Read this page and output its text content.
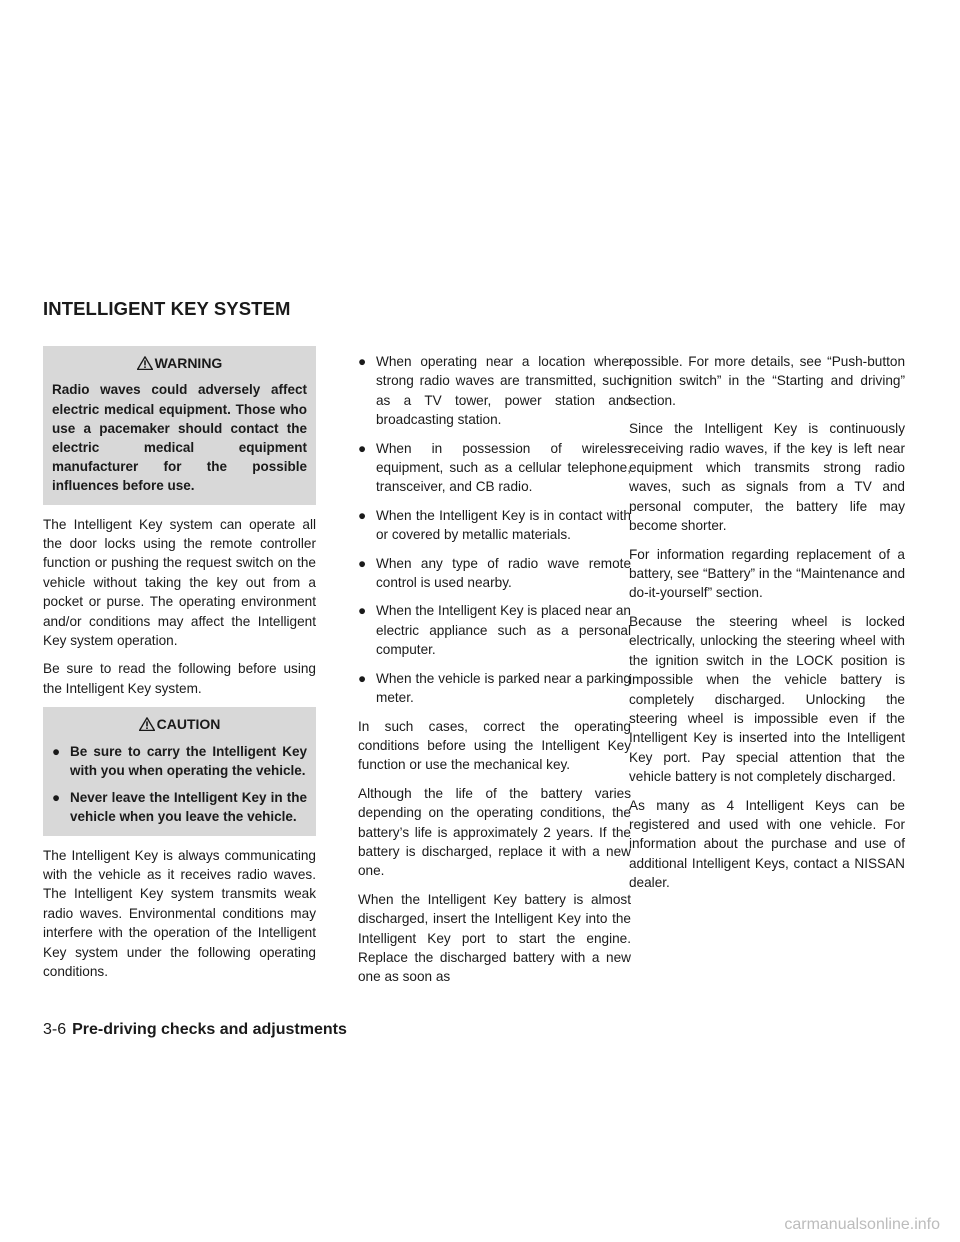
INTELLIGENT KEY SYSTEM
WARNING

Radio waves could adversely affect electric medical equipment. Those who use a pacemaker should contact the electric medical equipment manufacturer for the possible influences before use.

The Intelligent Key system can operate all the door locks using the remote controller function or pushing the request switch on the vehicle without taking the key out from a pocket or purse. The operating environment and/or conditions may affect the Intelligent Key system operation.

Be sure to read the following before using the Intelligent Key system.

CAUTION
● Be sure to carry the Intelligent Key with you when operating the vehicle.
● Never leave the Intelligent Key in the vehicle when you leave the vehicle.

The Intelligent Key is always communicating with the vehicle as it receives radio waves. The Intelligent Key system transmits weak radio waves. Environmental conditions may interfere with the operation of the Intelligent Key system under the following operating conditions.

● When operating near a location where strong radio waves are transmitted, such as a TV tower, power station and broadcasting station.
● When in possession of wireless equipment, such as a cellular telephone, transceiver, and CB radio.
● When the Intelligent Key is in contact with or covered by metallic materials.
● When any type of radio wave remote control is used nearby.
● When the Intelligent Key is placed near an electric appliance such as a personal computer.
● When the vehicle is parked near a parking meter.

In such cases, correct the operating conditions before using the Intelligent Key function or use the mechanical key.

Although the life of the battery varies depending on the operating conditions, the battery’s life is approximately 2 years. If the battery is discharged, replace it with a new one.

When the Intelligent Key battery is almost discharged, insert the Intelligent Key into the Intelligent Key port to start the engine. Replace the discharged battery with a new one as soon as

possible. For more details, see “Push-button ignition switch” in the “Starting and driving” section.

Since the Intelligent Key is continuously receiving radio waves, if the key is left near equipment which transmits strong radio waves, such as signals from a TV and personal computer, the battery life may become shorter.

For information regarding replacement of a battery, see “Battery” in the “Maintenance and do-it-yourself” section.

Because the steering wheel is locked electrically, unlocking the steering wheel with the ignition switch in the LOCK position is impossible when the vehicle battery is completely discharged. Unlocking the steering wheel is impossible even if the Intelligent Key is inserted into the Intelligent Key port. Pay special attention that the vehicle battery is not completely discharged.

As many as 4 Intelligent Keys can be registered and used with one vehicle. For information about the purchase and use of additional Intelligent Keys, contact a NISSAN dealer.

3-6 Pre-driving checks and adjustments
carmanualsonline.info
